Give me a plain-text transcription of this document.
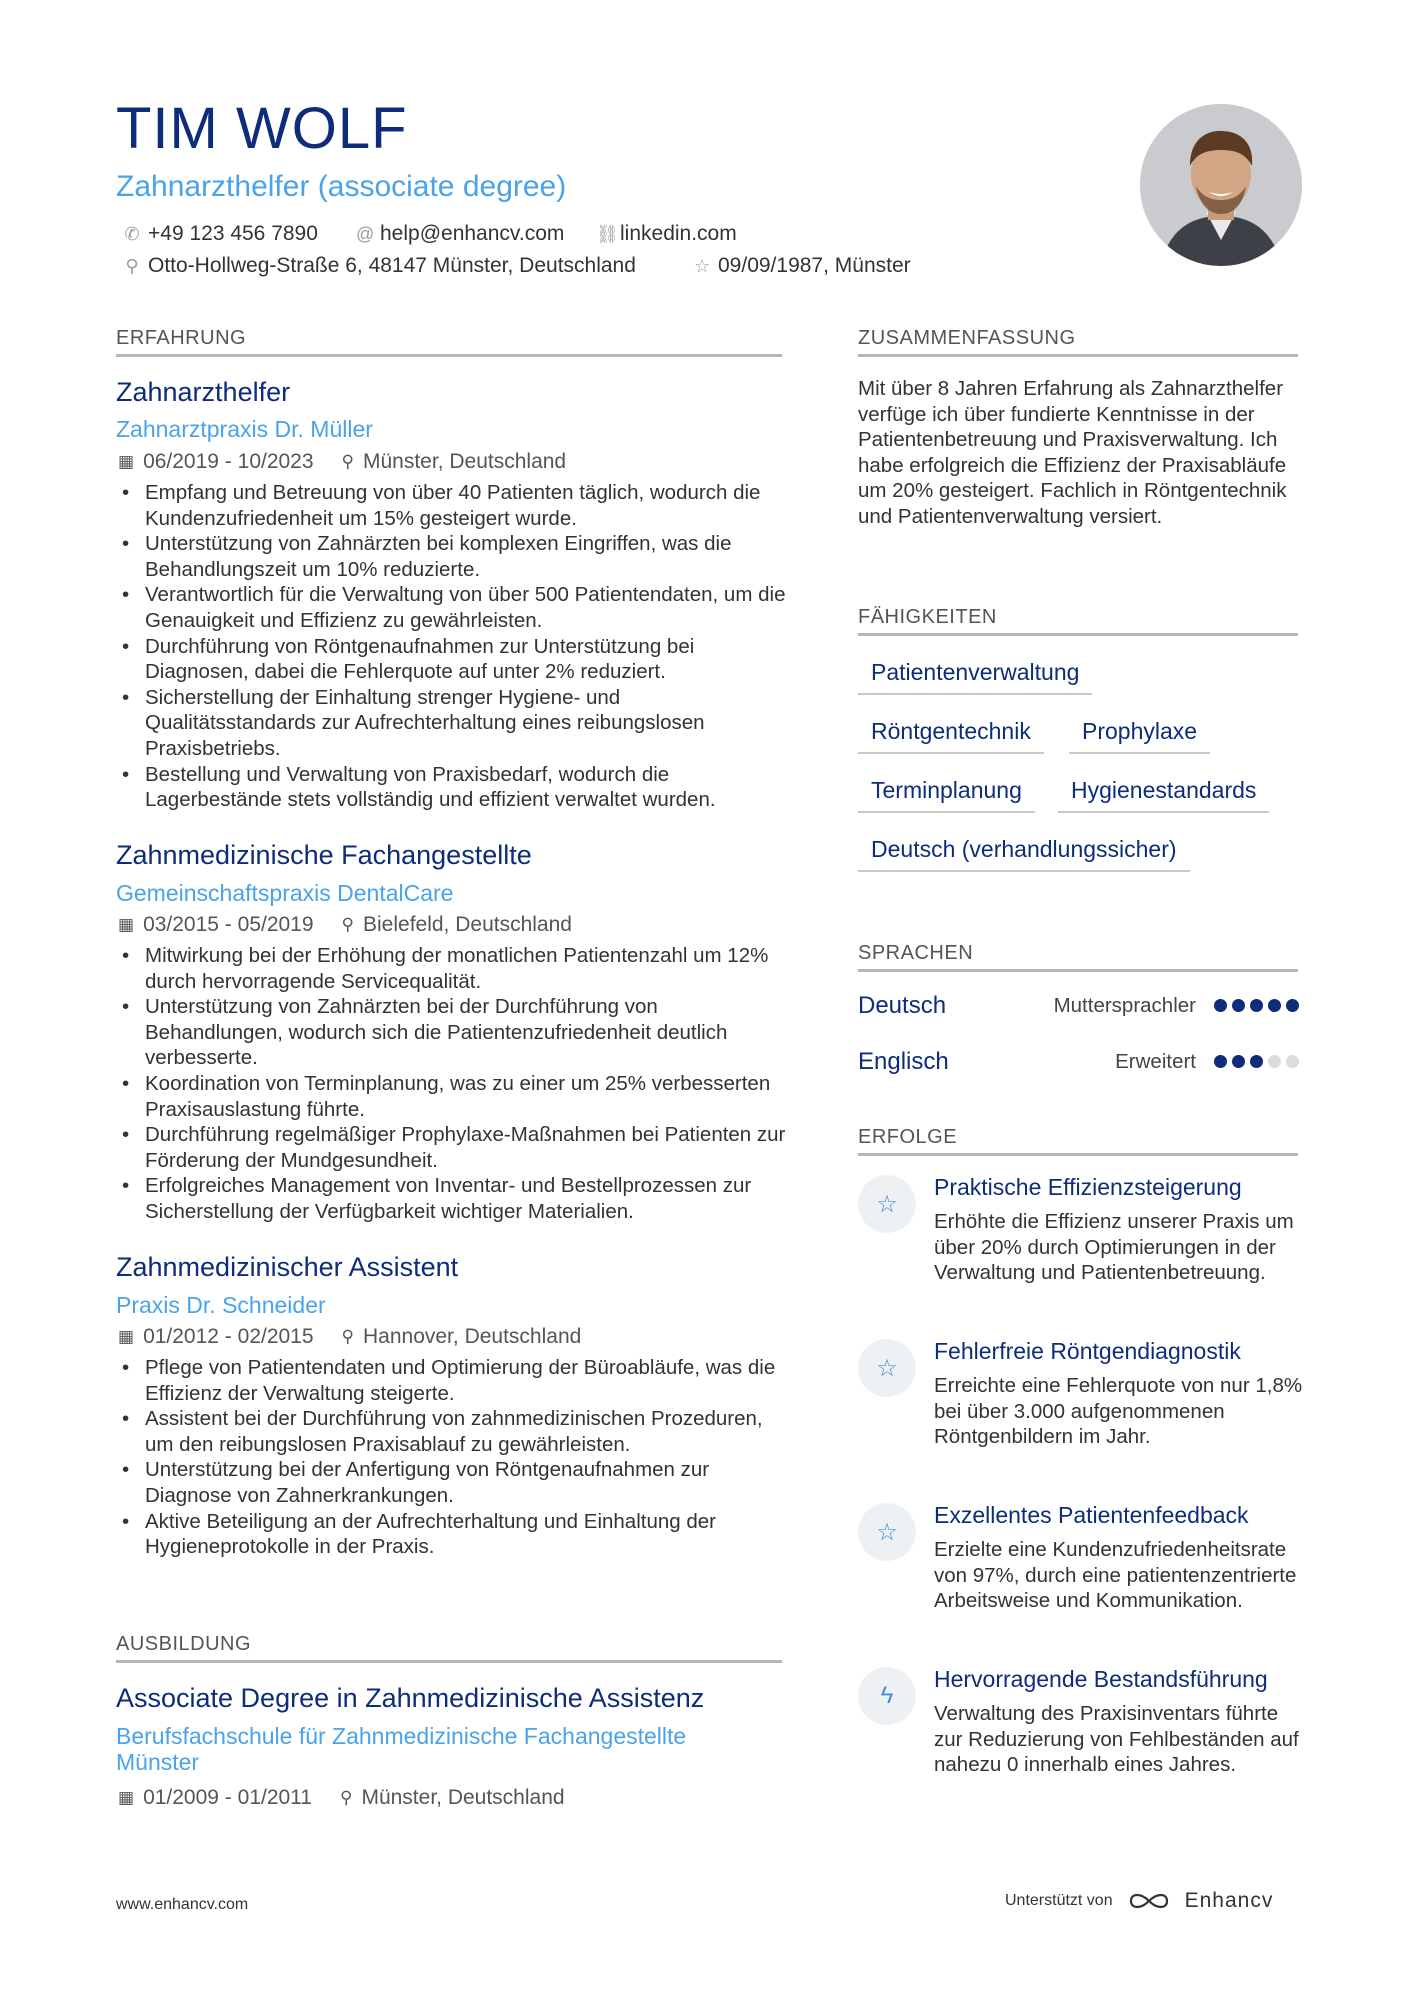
TIM WOLF
Zahnarzthelfer (associate degree)
✆ +49 123 456 7890 @ help@enhancv.com ⛓ linkedin.com
⚲ Otto-Hollweg-Straße 6, 48147 Münster, Deutschland	☆ 09/09/1987, Münster
ERFAHRUNG
Zahnarzthelfer
Zahnarztpraxis Dr. Müller
▦ 06/2019 - 10/2023 ⚲ Münster, Deutschland
• Empfang und Betreuung von über 40 Patienten täglich, wodurch die Kundenzufriedenheit um 15% gesteigert wurde.
• Unterstützung von Zahnärzten bei komplexen Eingriffen, was die Behandlungszeit um 10% reduzierte.
• Verantwortlich für die Verwaltung von über 500 Patientendaten, um die Genauigkeit und Effizienz zu gewährleisten.
• Durchführung von Röntgenaufnahmen zur Unterstützung bei Diagnosen, dabei die Fehlerquote auf unter 2% reduziert.
• Sicherstellung der Einhaltung strenger Hygiene- und Qualitätsstandards zur Aufrechterhaltung eines reibungslosen Praxisbetriebs.
• Bestellung und Verwaltung von Praxisbedarf, wodurch die Lagerbestände stets vollständig und effizient verwaltet wurden.
Zahnmedizinische Fachangestellte
Gemeinschaftspraxis DentalCare
▦ 03/2015 - 05/2019 ⚲ Bielefeld, Deutschland
• Mitwirkung bei der Erhöhung der monatlichen Patientenzahl um 12% durch hervorragende Servicequalität.
• Unterstützung von Zahnärzten bei der Durchführung von Behandlungen, wodurch sich die Patientenzufriedenheit deutlich verbesserte.
• Koordination von Terminplanung, was zu einer um 25% verbesserten Praxisauslastung führte.
• Durchführung regelmäßiger Prophylaxe-Maßnahmen bei Patienten zur Förderung der Mundgesundheit.
• Erfolgreiches Management von Inventar- und Bestellprozessen zur Sicherstellung der Verfügbarkeit wichtiger Materialien.
Zahnmedizinischer Assistent
Praxis Dr. Schneider
▦ 01/2012 - 02/2015 ⚲ Hannover, Deutschland
• Pflege von Patientendaten und Optimierung der Büroabläufe, was die Effizienz der Verwaltung steigerte.
• Assistent bei der Durchführung von zahnmedizinischen Prozeduren, um den reibungslosen Praxisablauf zu gewährleisten.
• Unterstützung bei der Anfertigung von Röntgenaufnahmen zur Diagnose von Zahnerkrankungen.
• Aktive Beteiligung an der Aufrechterhaltung und Einhaltung der Hygieneprotokolle in der Praxis.
AUSBILDUNG
Associate Degree in Zahnmedizinische Assistenz
Berufsfachschule für Zahnmedizinische Fachangestellte Münster
▦ 01/2009 - 01/2011 ⚲ Münster, Deutschland
ZUSAMMENFASSUNG
Mit über 8 Jahren Erfahrung als Zahnarzthelfer verfüge ich über fundierte Kenntnisse in der Patientenbetreuung und Praxisverwaltung. Ich habe erfolgreich die Effizienz der Praxisabläufe um 20% gesteigert. Fachlich in Röntgentechnik und Patientenverwaltung versiert.
FÄHIGKEITEN
Patientenverwaltung
Röntgentechnik	Prophylaxe
Terminplanung	Hygienestandards
Deutsch (verhandlungssicher)
SPRACHEN
Deutsch	Muttersprachler
Englisch	Erweitert
ERFOLGE
☆
Praktische Effizienzsteigerung
Erhöhte die Effizienz unserer Praxis um über 20% durch Optimierungen in der Verwaltung und Patientenbetreuung.
☆
Fehlerfreie Röntgendiagnostik
Erreichte eine Fehlerquote von nur 1,8% bei über 3.000 aufgenommenen Röntgenbildern im Jahr.
☆
Exzellentes Patientenfeedback
Erzielte eine Kundenzufriedenheitsrate von 97%, durch eine patientenzentrierte Arbeitsweise und Kommunikation.
ϟ
Hervorragende Bestandsführung
Verwaltung des Praxisinventars führte zur Reduzierung von Fehlbeständen auf nahezu 0 innerhalb eines Jahres.
www.enhancv.com	Unterstützt von	Enhancv
